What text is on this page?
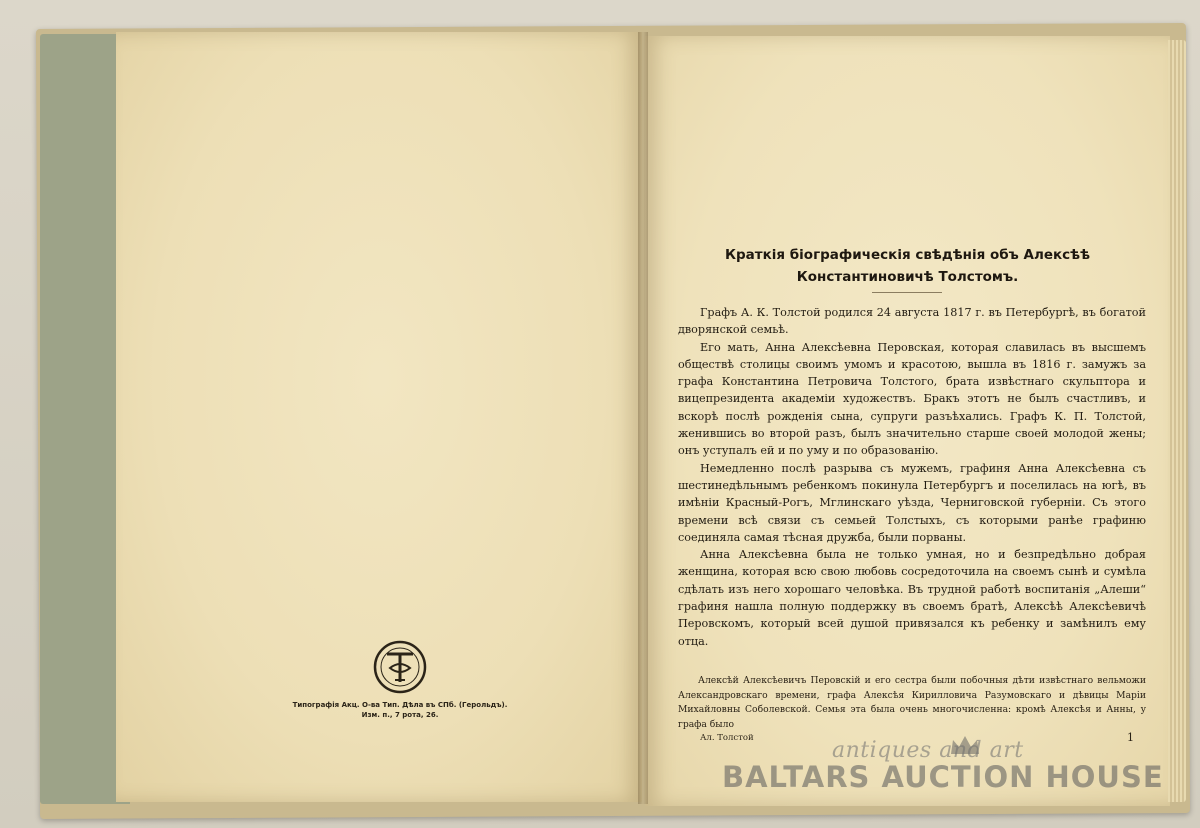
Типографія Акц. О-ва Тип. Дѣла въ СПб. (Герольдъ).
Изм. п., 7 рота, 26.
Краткія біографическія свѣдѣнія объ Алексѣѣ
Константиновичѣ Толстомъ.

Графъ А. К. Толстой родился 24 августа 1817 г. въ Петербургѣ, въ богатой дворянской семьѣ.

Его мать, Анна Алексѣевна Перовская, которая славилась въ высшемъ обществѣ столицы своимъ умомъ и красотою, вышла въ 1816 г. замужъ за графа Константина Петровича Толстого, брата извѣстнаго скульптора и вицепрезидента академіи художествъ. Бракъ этотъ не былъ счастливъ, и вскорѣ послѣ рожденія сына, супруги разъѣхались. Графъ К. П. Толстой, женившись во второй разъ, былъ значительно старше своей молодой жены; онъ уступалъ ей и по уму и по образованію.

Немедленно послѣ разрыва съ мужемъ, графиня Анна Алексѣевна съ шестинедѣльнымъ ребенкомъ покинула Петербургъ и поселилась на югѣ, въ имѣніи Красный-Рогъ, Мглинскаго уѣзда, Черниговской губерніи. Съ этого времени всѣ связи съ семьей Толстыхъ, съ которыми ранѣе графиню соединяла самая тѣсная дружба, были порваны.

Анна Алексѣевна была не только умная, но и безпредѣльно добрая женщина, которая всю свою любовь сосредоточила на своемъ сынѣ и сумѣла сдѣлать изъ него хорошаго человѣка. Въ трудной работѣ воспитанія „Алеши“ графиня нашла полную поддержку въ своемъ братѣ, Алексѣѣ Алексѣевичѣ Перовскомъ, который всей душой привязался къ ребенку и замѣнилъ ему отца.

Алексѣй Алексѣевичъ Перовскій и его сестра были побочныя дѣти извѣстнаго вельможи Александровскаго времени, графа Алексѣя Кирилловича Разумовскаго и дѣвицы Маріи Михайловны Соболевской. Семья эта была очень многочисленна: кромѣ Алексѣя и Анны, у графа было

Ал. Толстой	1
antiques and art
BALTARS AUCTION HOUSE
